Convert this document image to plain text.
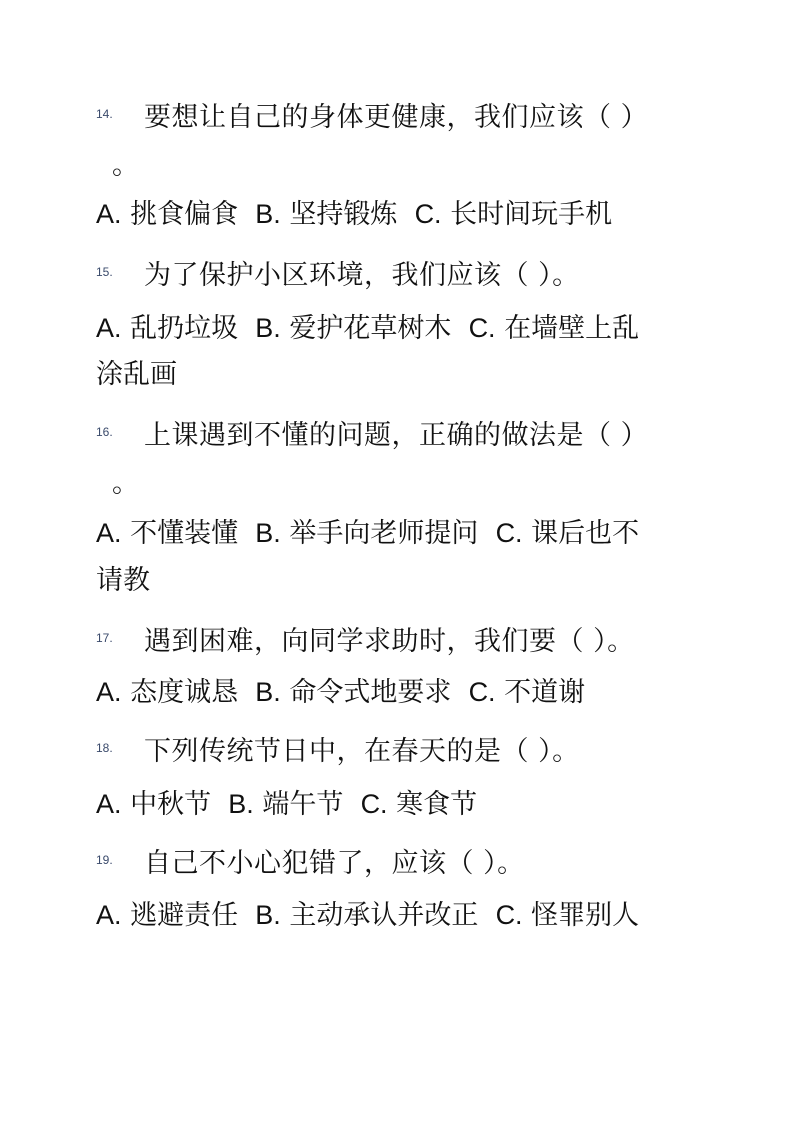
14.	要想让自己的身体更健康，我们应该（ ）
。
A. 挑食偏食 B. 坚持锻炼 C. 长时间玩手机
15.	为了保护小区环境，我们应该（ ）。
A. 乱扔垃圾 B. 爱护花草树木 C. 在墙壁上乱
涂乱画
16.	上课遇到不懂的问题，正确的做法是（ ）
。
A. 不懂装懂 B. 举手向老师提问 C. 课后也不
请教
17.	遇到困难，向同学求助时，我们要（ ）。
A. 态度诚恳 B. 命令式地要求 C. 不道谢
18.	下列传统节日中，在春天的是（ ）。
A. 中秋节 B. 端午节 C. 寒食节
19.	自己不小心犯错了，应该（ ）。
A. 逃避责任 B. 主动承认并改正 C. 怪罪别人
